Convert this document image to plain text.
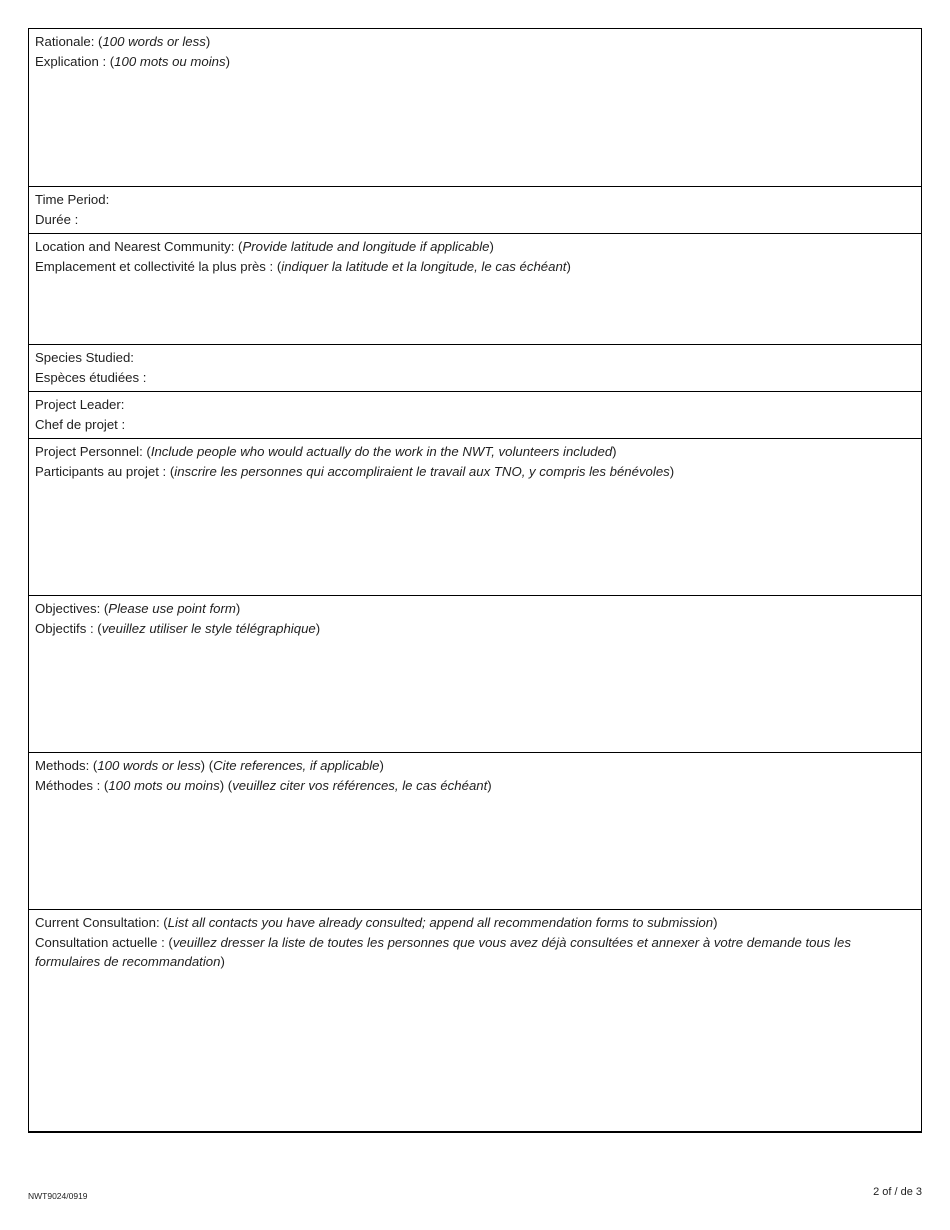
Rationale: (100 words or less)
Explication : (100 mots ou moins)
Time Period:
Durée :
Location and Nearest Community: (Provide latitude and longitude if applicable)
Emplacement et collectivité la plus près : (indiquer la latitude et la longitude, le cas échéant)
Species Studied:
Espèces étudiées :
Project Leader:
Chef de projet :
Project Personnel: (Include people who would actually do the work in the NWT, volunteers included)
Participants au projet : (inscrire les personnes qui accompliraient le travail aux TNO, y compris les bénévoles)
Objectives: (Please use point form)
Objectifs : (veuillez utiliser le style télégraphique)
Methods: (100 words or less) (Cite references, if applicable)
Méthodes : (100 mots ou moins) (veuillez citer vos références, le cas échéant)
Current Consultation: (List all contacts you have already consulted; append all recommendation forms to submission)
Consultation actuelle : (veuillez dresser la liste de toutes les personnes que vous avez déjà consultées et annexer à votre demande tous les formulaires de recommandation)
NWT9024/0919	2 of / de 3
